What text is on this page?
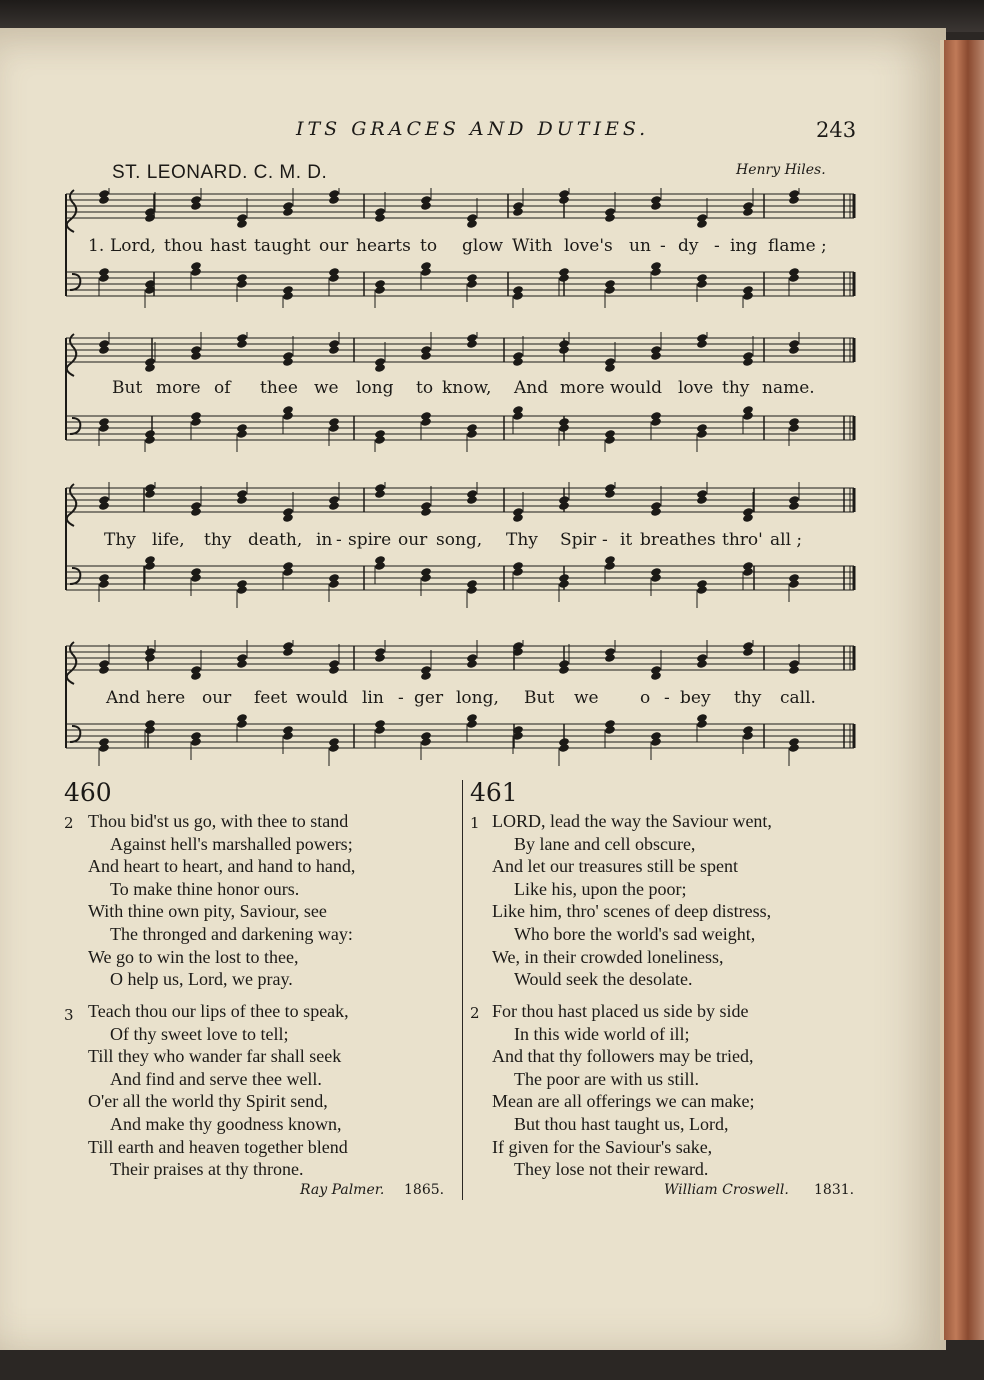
ITS GRACES AND DUTIES.	243
ST. LEONARD. C. M. D.	Henry Hiles.
1. Lord, thou hast taught our hearts to glow With love's un - dy - ing flame ;
But more of thee we long to know, And more would love thy name.
Thy life, thy death, in - spire our song, Thy Spir - it breathes thro' all ;
And here our feet would lin - ger long, But we o - bey thy call.
460
2 Thou bid'st us go, with thee to stand
Against hell's marshalled powers;
And heart to heart, and hand to hand,
To make thine honor ours.
With thine own pity, Saviour, see
The thronged and darkening way:
We go to win the lost to thee,
O help us, Lord, we pray.
3 Teach thou our lips of thee to speak,
Of thy sweet love to tell;
Till they who wander far shall seek
And find and serve thee well.
O'er all the world thy Spirit send,
And make thy goodness known,
Till earth and heaven together blend
Their praises at thy throne.
Ray Palmer. 1865.
461
1 LORD, lead the way the Saviour went,
By lane and cell obscure,
And let our treasures still be spent
Like his, upon the poor;
Like him, thro' scenes of deep distress,
Who bore the world's sad weight,
We, in their crowded loneliness,
Would seek the desolate.
2 For thou hast placed us side by side
In this wide world of ill;
And that thy followers may be tried,
The poor are with us still.
Mean are all offerings we can make;
But thou hast taught us, Lord,
If given for the Saviour's sake,
They lose not their reward.
William Croswell. 1831.
